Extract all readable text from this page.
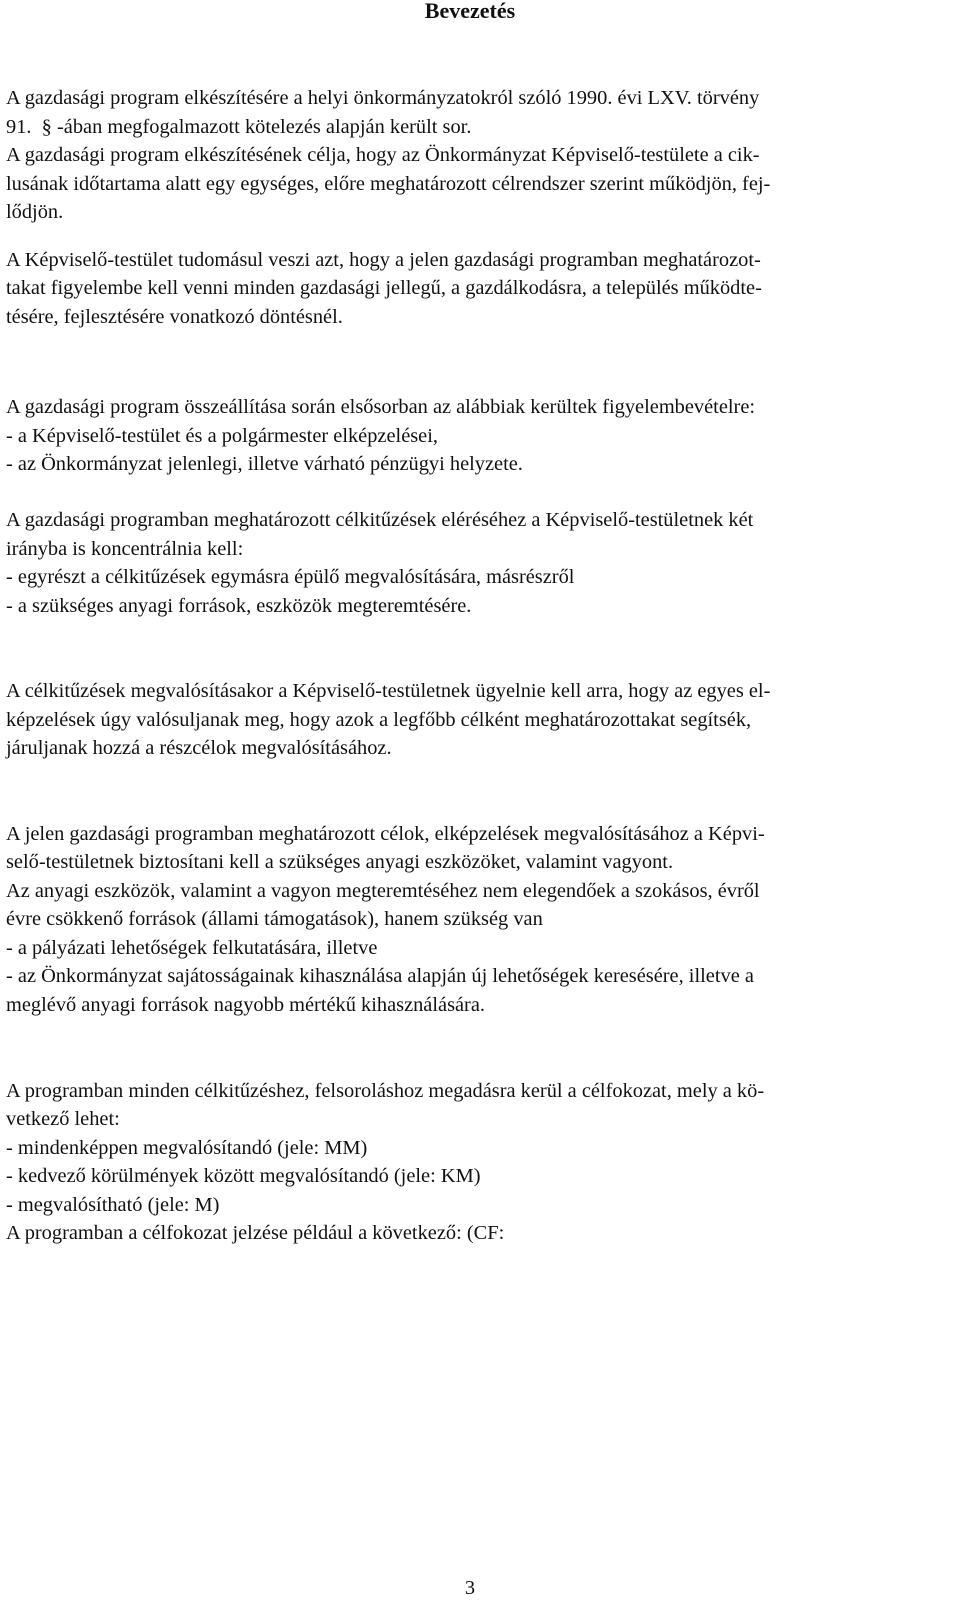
Bevezetés
A gazdasági program elkészítésére a helyi önkormányzatokról szóló 1990. évi LXV. törvény
91.  § -ában megfogalmazott kötelezés alapján került sor.
A gazdasági program elkészítésének célja, hogy az Önkormányzat Képviselő-testülete a cik-
lusának időtartama alatt egy egységes, előre meghatározott célrendszer szerint működjön, fej-
lődjön.
A Képviselő-testület tudomásul veszi azt, hogy a jelen gazdasági programban meghatározot-
takat figyelembe kell venni minden gazdasági jellegű, a gazdálkodásra, a település működte-
tésére, fejlesztésére vonatkozó döntésnél.
A gazdasági program összeállítása során elsősorban az alábbiak kerültek figyelembevételre:
- a Képviselő-testület és a polgármester elképzelései,
- az Önkormányzat jelenlegi, illetve várható pénzügyi helyzete.
A gazdasági programban meghatározott célkitűzések eléréséhez a Képviselő-testületnek két
irányba is koncentrálnia kell:
- egyrészt a célkitűzések egymásra épülő megvalósítására, másrészről
- a szükséges anyagi források, eszközök megteremtésére.
A célkitűzések megvalósításakor a Képviselő-testületnek ügyelnie kell arra, hogy az egyes el-
képzelések úgy valósuljanak meg, hogy azok a legfőbb célként meghatározottakat segítsék,
járuljanak hozzá a részcélok megvalósításához.
A jelen gazdasági programban meghatározott célok, elképzelések megvalósításához a Képvi-
selő-testületnek biztosítani kell a szükséges anyagi eszközöket, valamint vagyont.
Az anyagi eszközök, valamint a vagyon megteremtéséhez nem elegendőek a szokásos, évről
évre csökkenő források (állami támogatások), hanem szükség van
- a pályázati lehetőségek felkutatására, illetve
- az Önkormányzat sajátosságainak kihasználása alapján új lehetőségek keresésére, illetve a
meglévő anyagi források nagyobb mértékű kihasználására.
A programban minden célkitűzéshez, felsoroláshoz megadásra kerül a célfokozat, mely a kö-
vetkező lehet:
- mindenképpen megvalósítandó (jele: MM)
- kedvező körülmények között megvalósítandó (jele: KM)
- megvalósítható (jele: M)
A programban a célfokozat jelzése például a következő: (CF:
3
